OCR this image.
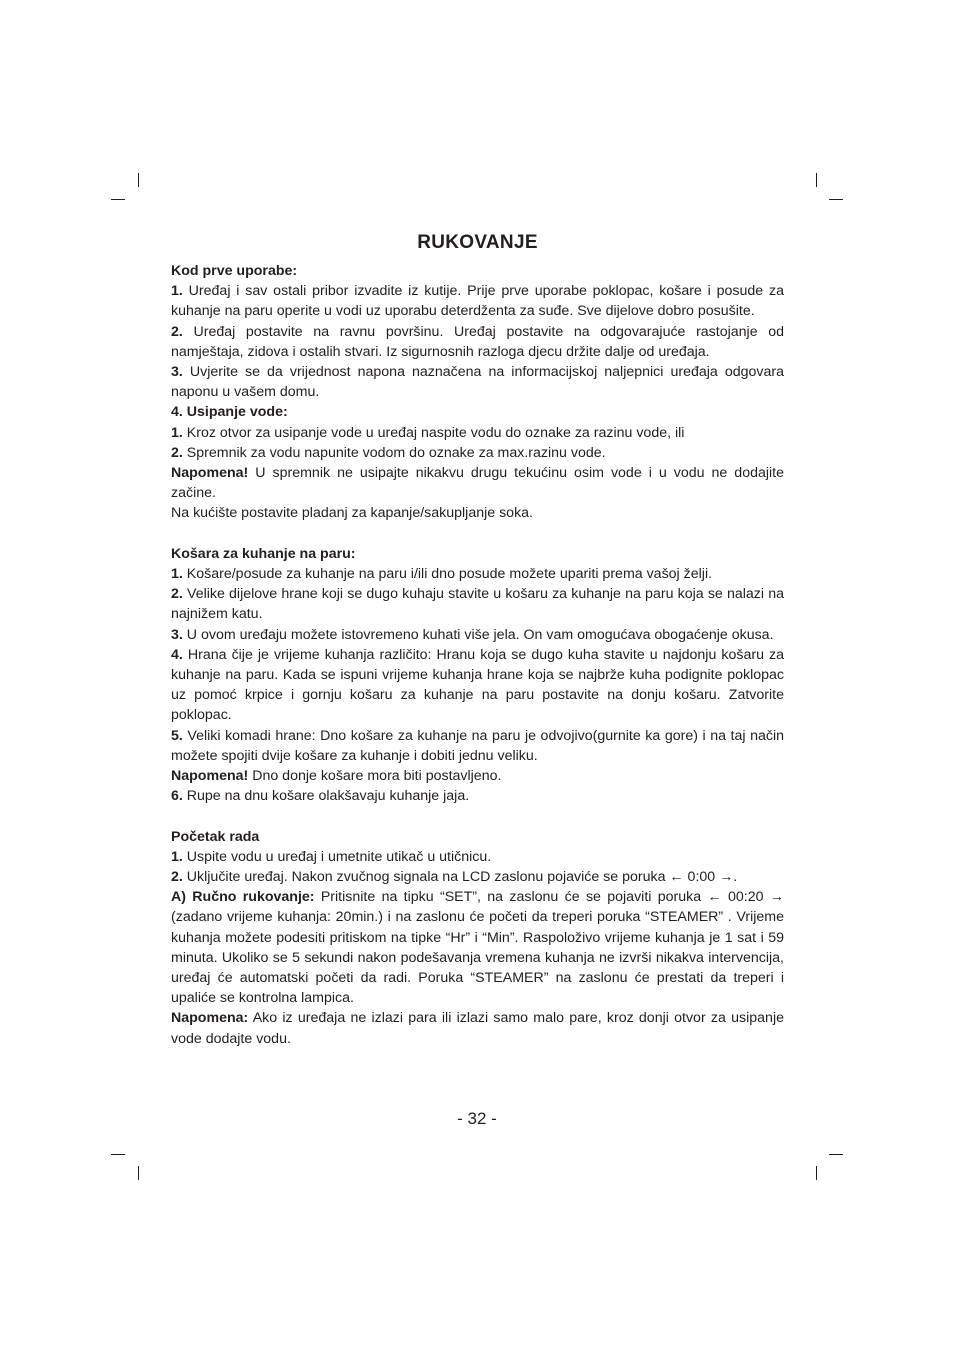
RUKOVANJE
Kod prve uporabe:

1. Uređaj i sav ostali pribor izvadite iz kutije. Prije prve uporabe poklopac, košare i posude za kuhanje na paru operite u vodi uz uporabu deterdženta za suđe. Sve dijelove dobro posušite.

2. Uređaj postavite na ravnu površinu. Uređaj postavite na odgovarajuće rastojanje od namještaja, zidova i ostalih stvari. Iz sigurnosnih razloga djecu držite dalje od uređaja.

3. Uvjerite se da vrijednost napona naznačena na informacijskoj naljepnici uređaja odgovara naponu u vašem domu.

4. Usipanje vode:

1. Kroz otvor za usipanje vode u uređaj naspite vodu do oznake za razinu vode, ili

2. Spremnik za vodu napunite vodom do oznake za max.razinu vode.

Napomena! U spremnik ne usipajte nikakvu drugu tekućinu osim vode i u vodu ne dodajite začine.

Na kućište postavite pladanj za kapanje/sakupljanje soka.

Košara za kuhanje na paru:

1. Košare/posude za kuhanje na paru i/ili dno posude možete upariti prema vašoj želji.

2. Velike dijelove hrane koji se dugo kuhaju stavite u košaru za kuhanje na paru koja se nalazi na najnižem katu.

3. U ovom uređaju možete istovremeno kuhati više jela. On vam omogućava obogaćenje okusa.

4. Hrana čije je vrijeme kuhanja različito: Hranu koja se dugo kuha stavite u najdonju košaru za kuhanje na paru. Kada se ispuni vrijeme kuhanja hrane koja se najbrže kuha podignite poklopac uz pomoć krpice i gornju košaru za kuhanje na paru postavite na donju košaru. Zatvorite poklopac.

5. Veliki komadi hrane: Dno košare za kuhanje na paru je odvojivo(gurnite ka gore) i na taj način možete spojiti dvije košare za kuhanje i dobiti jednu veliku.

Napomena! Dno donje košare mora biti postavljeno.

6. Rupe na dnu košare olakšavaju kuhanje jaja.

Početak rada

1. Uspite vodu u uređaj i umetnite utikač u utičnicu.

2. Uključite uređaj. Nakon zvučnog signala na LCD zaslonu pojaviće se poruka ← 0:00 →.

A) Ručno rukovanje: Pritisnite na tipku “SET”, na zaslonu će se pojaviti poruka ← 00:20 → (zadano vrijeme kuhanja: 20min.) i na zaslonu će početi da treperi poruka “STEAMER” . Vrijeme kuhanja možete podesiti pritiskom na tipke “Hr” i “Min”. Raspoloživo vrijeme kuhanja je 1 sat i 59 minuta. Ukoliko se 5 sekundi nakon podešavanja vremena kuhanja ne izvrši nikakva intervencija, uređaj će automatski početi da radi. Poruka “STEAMER” na zaslonu će prestati da treperi i upaliće se kontrolna lampica.

Napomena: Ako iz uređaja ne izlazi para ili izlazi samo malo pare, kroz donji otvor za usipanje vode dodajte vodu.

- 32 -
